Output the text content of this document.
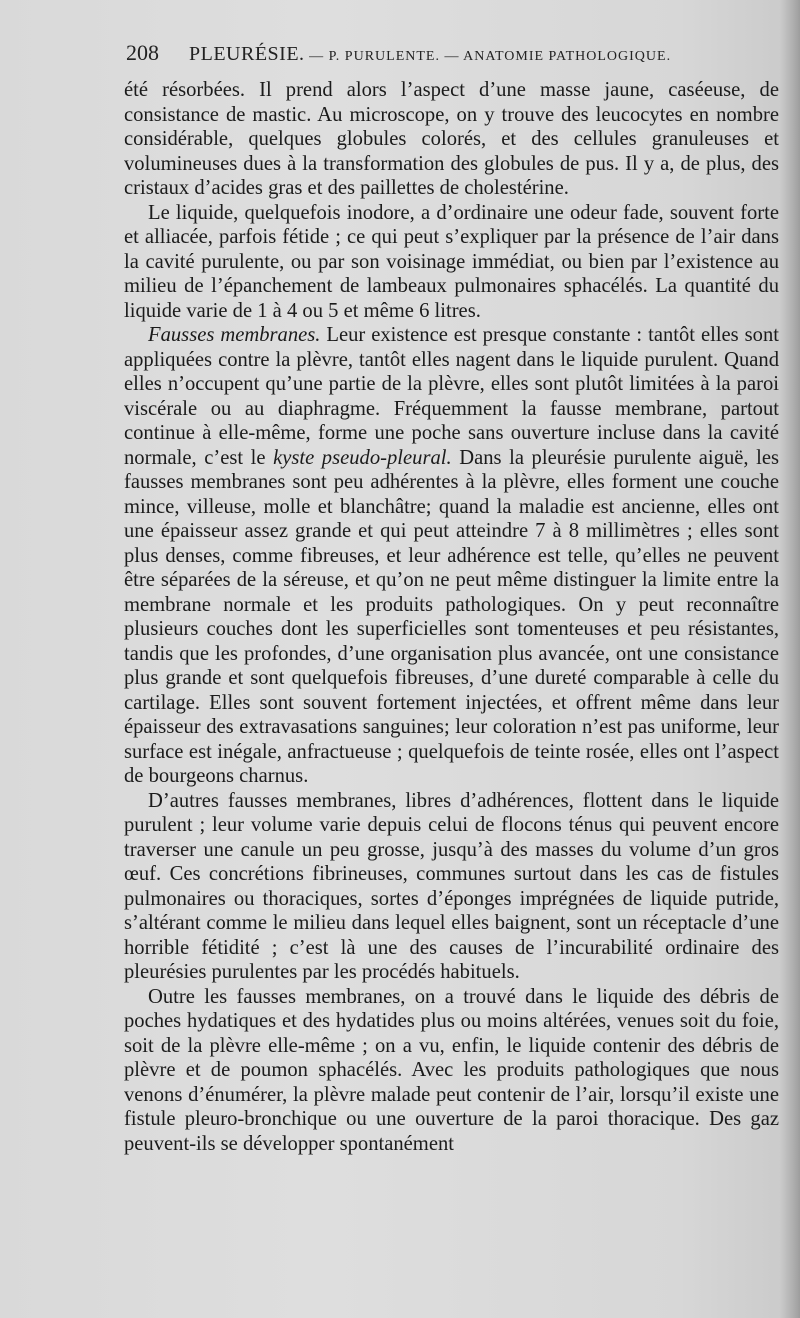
208 PLEURÉSIE. — P. PURULENTE. — ANATOMIE PATHOLOGIQUE.

été résorbées. Il prend alors l’aspect d’une masse jaune, caséeuse, de consistance de mastic. Au microscope, on y trouve des leucocytes en nombre considérable, quelques globules colorés, et des cellules granuleuses et volumineuses dues à la transformation des globules de pus. Il y a, de plus, des cristaux d’acides gras et des paillettes de cholestérine.

Le liquide, quelquefois inodore, a d’ordinaire une odeur fade, souvent forte et alliacée, parfois fétide ; ce qui peut s’expliquer par la présence de l’air dans la cavité purulente, ou par son voisinage immédiat, ou bien par l’existence au milieu de l’épanchement de lambeaux pulmonaires sphacélés. La quantité du liquide varie de 1 à 4 ou 5 et même 6 litres.

Fausses membranes. Leur existence est presque constante : tantôt elles sont appliquées contre la plèvre, tantôt elles nagent dans le liquide purulent. Quand elles n’occupent qu’une partie de la plèvre, elles sont plutôt limitées à la paroi viscérale ou au diaphragme. Fréquemment la fausse membrane, partout continue à elle-même, forme une poche sans ouverture incluse dans la cavité normale, c’est le kyste pseudo-pleural. Dans la pleurésie purulente aiguë, les fausses membranes sont peu adhérentes à la plèvre, elles forment une couche mince, villeuse, molle et blanchâtre; quand la maladie est ancienne, elles ont une épaisseur assez grande et qui peut atteindre 7 à 8 millimètres ; elles sont plus denses, comme fibreuses, et leur adhérence est telle, qu’elles ne peuvent être séparées de la séreuse, et qu’on ne peut même distinguer la limite entre la membrane normale et les produits pathologiques. On y peut reconnaître plusieurs couches dont les superficielles sont tomenteuses et peu résistantes, tandis que les profondes, d’une organisation plus avancée, ont une consistance plus grande et sont quelquefois fibreuses, d’une dureté comparable à celle du cartilage. Elles sont souvent fortement injectées, et offrent même dans leur épaisseur des extravasations sanguines; leur coloration n’est pas uniforme, leur surface est inégale, anfractueuse ; quelquefois de teinte rosée, elles ont l’aspect de bourgeons charnus.

D’autres fausses membranes, libres d’adhérences, flottent dans le liquide purulent ; leur volume varie depuis celui de flocons ténus qui peuvent encore traverser une canule un peu grosse, jusqu’à des masses du volume d’un gros œuf. Ces concrétions fibrineuses, communes surtout dans les cas de fistules pulmonaires ou thoraciques, sortes d’éponges imprégnées de liquide putride, s’altérant comme le milieu dans lequel elles baignent, sont un réceptacle d’une horrible fétidité ; c’est là une des causes de l’incurabilité ordinaire des pleurésies purulentes par les procédés habituels.

Outre les fausses membranes, on a trouvé dans le liquide des débris de poches hydatiques et des hydatides plus ou moins altérées, venues soit du foie, soit de la plèvre elle-même ; on a vu, enfin, le liquide contenir des débris de plèvre et de poumon sphacélés. Avec les produits pathologiques que nous venons d’énumérer, la plèvre malade peut contenir de l’air, lorsqu’il existe une fistule pleuro-bronchique ou une ouverture de la paroi thoracique. Des gaz peuvent-ils se développer spontanément
